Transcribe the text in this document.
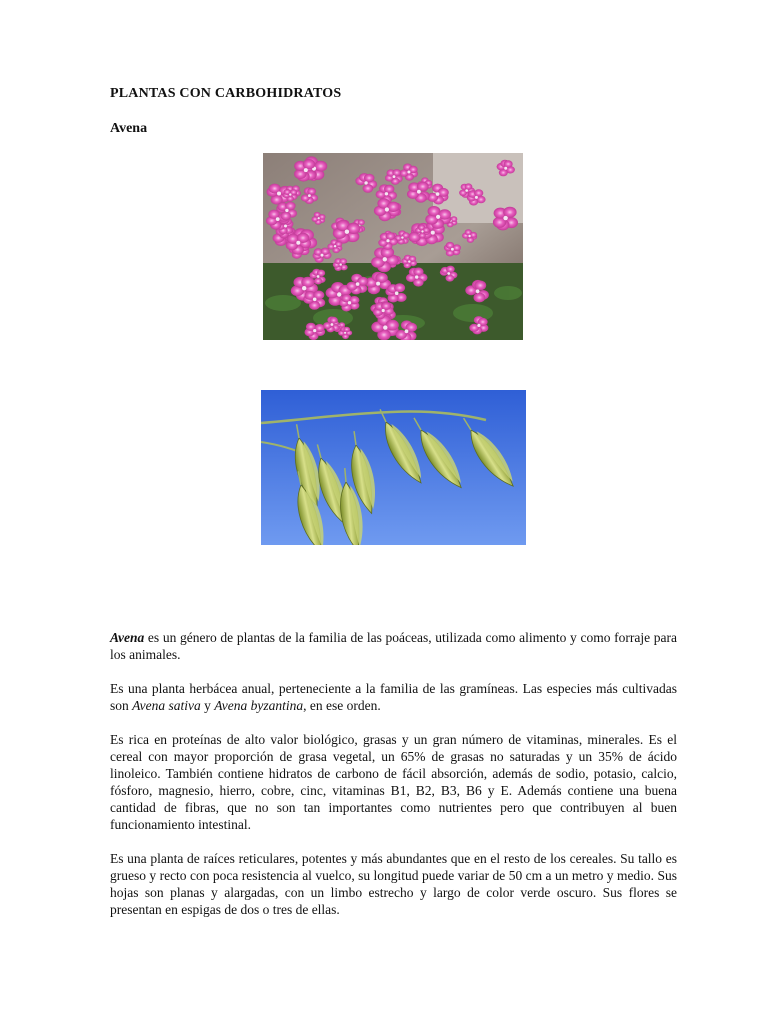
PLANTAS CON CARBOHIDRATOS
Avena

Avena es un género de plantas de la familia de las poáceas, utilizada como alimento y como forraje para los animales.

Es una planta herbácea anual, perteneciente a la familia de las gramíneas. Las especies más cultivadas son Avena sativa y Avena byzantina, en ese orden.

Es rica en proteínas de alto valor biológico, grasas y un gran número de vitaminas, minerales. Es el cereal con mayor proporción de grasa vegetal, un 65% de grasas no saturadas y un 35% de ácido linoleico. También contiene hidratos de carbono de fácil absorción, además de sodio, potasio, calcio, fósforo, magnesio, hierro, cobre, cinc, vitaminas B1, B2, B3, B6 y E. Además contiene una buena cantidad de fibras, que no son tan importantes como nutrientes pero que contribuyen al buen funcionamiento intestinal.

Es una planta de raíces reticulares, potentes y más abundantes que en el resto de los cereales. Su tallo es grueso y recto con poca resistencia al vuelco, su longitud puede variar de 50 cm a un metro y medio. Sus hojas son planas y alargadas, con un limbo estrecho y largo de color verde oscuro. Sus flores se presentan en espigas de dos o tres de ellas.
